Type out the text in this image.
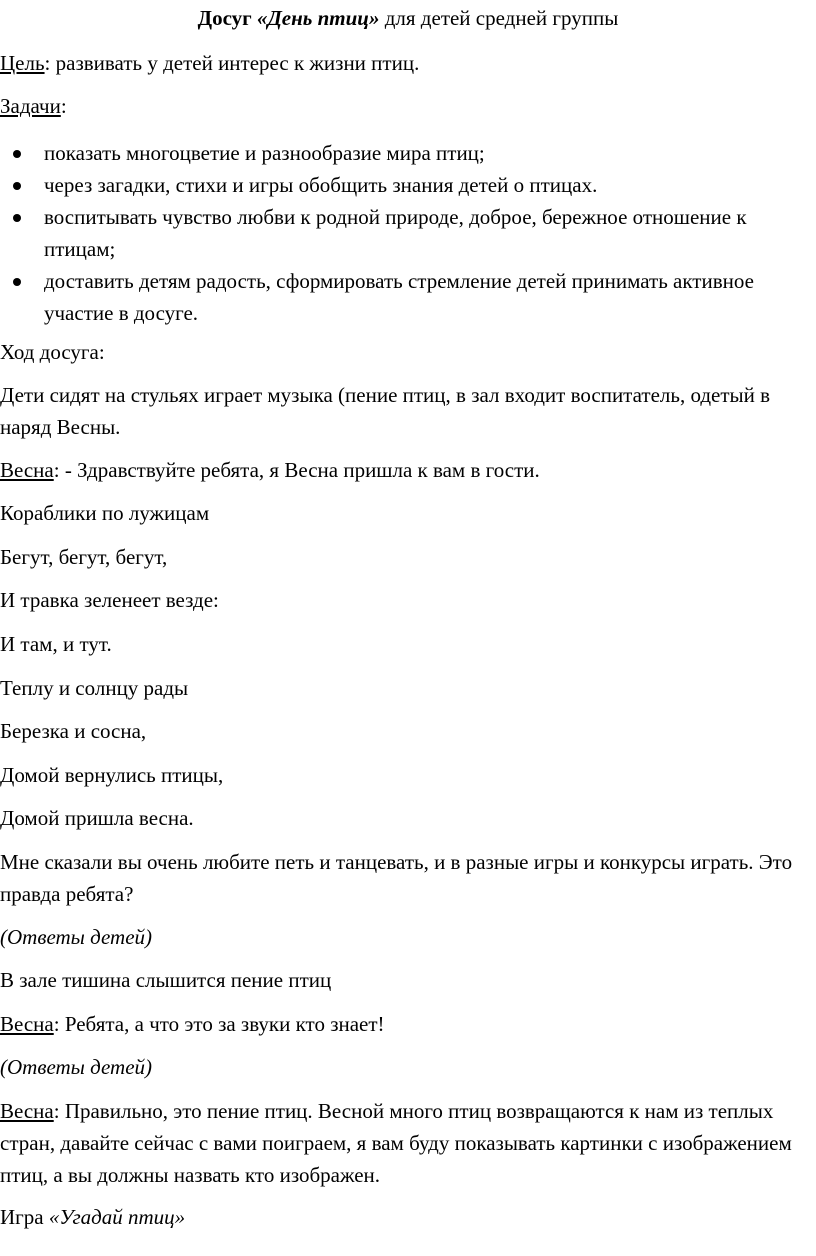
Досуг «День птиц» для детей средней группы

Цель: развивать у детей интерес к жизни птиц.

Задачи:

показать многоцветие и разнообразие мира птиц;
через загадки, стихи и игры обобщить знания детей о птицах.
воспитывать чувство любви к родной природе, доброе, бережное отношение к птицам;
доставить детям радость, сформировать стремление детей принимать активное участие в досуге.

Ход досуга:

Дети сидят на стульях играет музыка (пение птиц, в зал входит воспитатель, одетый в наряд Весны.

Весна: - Здравствуйте ребята, я Весна пришла к вам в гости.

Кораблики по лужицам

Бегут, бегут, бегут,

И травка зеленеет везде:

И там, и тут.

Теплу и солнцу рады

Березка и сосна,

Домой вернулись птицы,

Домой пришла весна.

Мне сказали вы очень любите петь и танцевать, и в разные игры и конкурсы играть. Это правда ребята?

(Ответы детей)

В зале тишина слышится пение птиц

Весна: Ребята, а что это за звуки кто знает!

(Ответы детей)

Весна: Правильно, это пение птиц. Весной много птиц возвращаются к нам из теплых стран, давайте сейчас с вами поиграем, я вам буду показывать картинки с изображением птиц, а вы должны назвать кто изображен.

Игра «Угадай птиц»
